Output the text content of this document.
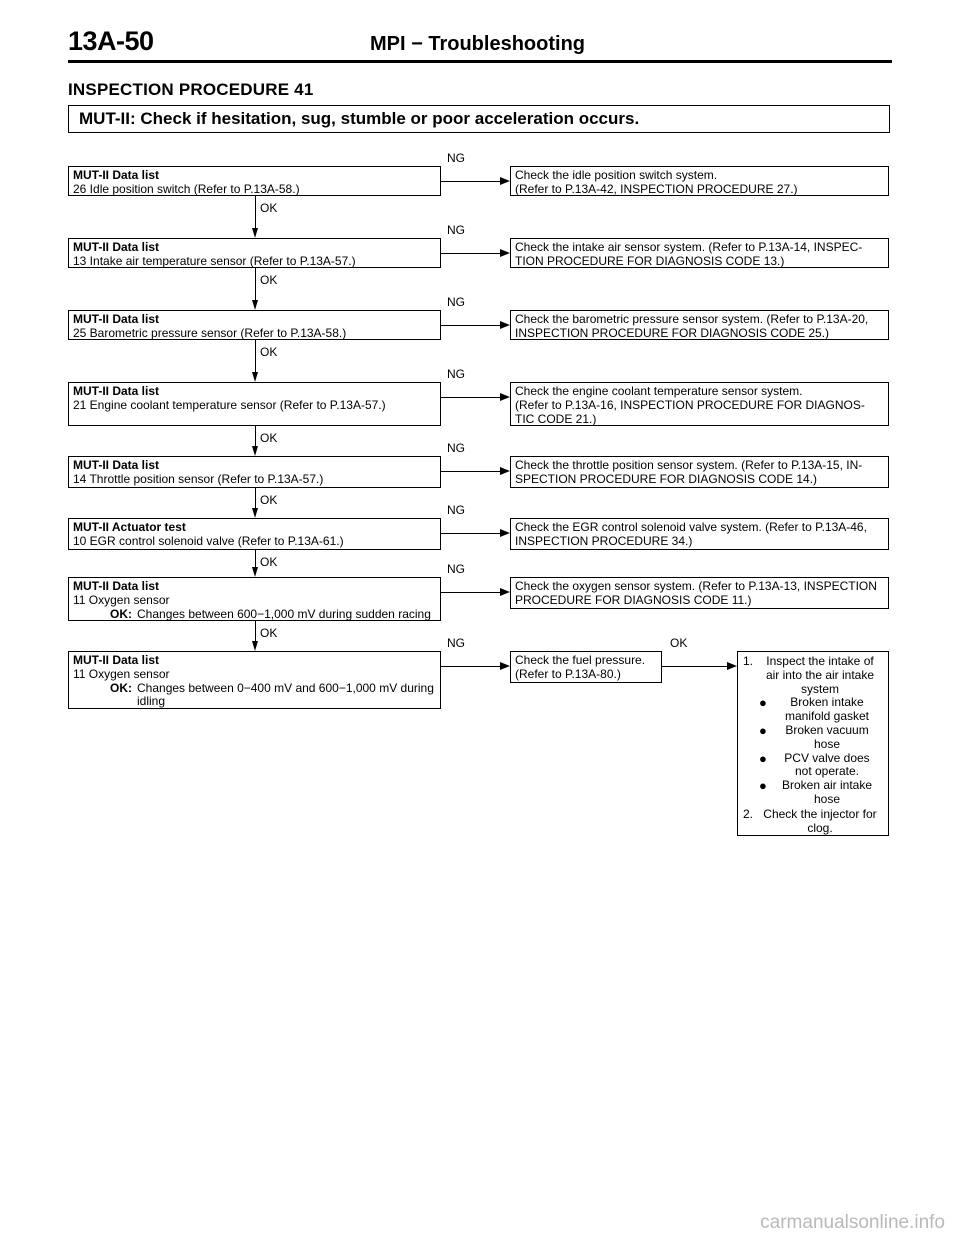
13A-50	MPI − Troubleshooting
INSPECTION PROCEDURE 41
MUT-II: Check if hesitation, sug, stumble or poor acceleration occurs.
MUT-II Data list
26 Idle position switch (Refer to P.13A-58.)
NG
Check the idle position switch system.
(Refer to P.13A-42, INSPECTION PROCEDURE 27.)
OK
MUT-II Data list
13 Intake air temperature sensor (Refer to P.13A-57.)
NG
Check the intake air sensor system. (Refer to P.13A-14, INSPEC-
TION PROCEDURE FOR DIAGNOSIS CODE 13.)
OK
MUT-II Data list
25 Barometric pressure sensor (Refer to P.13A-58.)
NG
Check the barometric pressure sensor system. (Refer to P.13A-20,
INSPECTION PROCEDURE FOR DIAGNOSIS CODE 25.)
OK
MUT-II Data list
21 Engine coolant temperature sensor (Refer to P.13A-57.)
NG
Check the engine coolant temperature sensor system.
(Refer to P.13A-16, INSPECTION PROCEDURE FOR DIAGNOS-
TIC CODE 21.)
OK
MUT-II Data list
14 Throttle position sensor (Refer to P.13A-57.)
NG
Check the throttle position sensor system. (Refer to P.13A-15, IN-
SPECTION PROCEDURE FOR DIAGNOSIS CODE 14.)
OK
MUT-II Actuator test
10 EGR control solenoid valve (Refer to P.13A-61.)
NG
Check the EGR control solenoid valve system. (Refer to P.13A-46,
INSPECTION PROCEDURE 34.)
OK
MUT-II Data list
11 Oxygen sensor
OK: Changes between 600−1,000 mV during sudden racing
NG
Check the oxygen sensor system. (Refer to P.13A-13, INSPECTION
PROCEDURE FOR DIAGNOSIS CODE 11.)
OK
MUT-II Data list
11 Oxygen sensor
OK: Changes between 0−400 mV and 600−1,000 mV during
idling
NG
Check the fuel pressure.
(Refer to P.13A-80.)
OK
1.	Inspect the intake of
air into the air intake
system
●	Broken intake
manifold gasket
●	Broken vacuum
hose
●	PCV valve does
not operate.
●	Broken air intake
hose
2. Check the injector for
clog.
carmanualsonline.info
